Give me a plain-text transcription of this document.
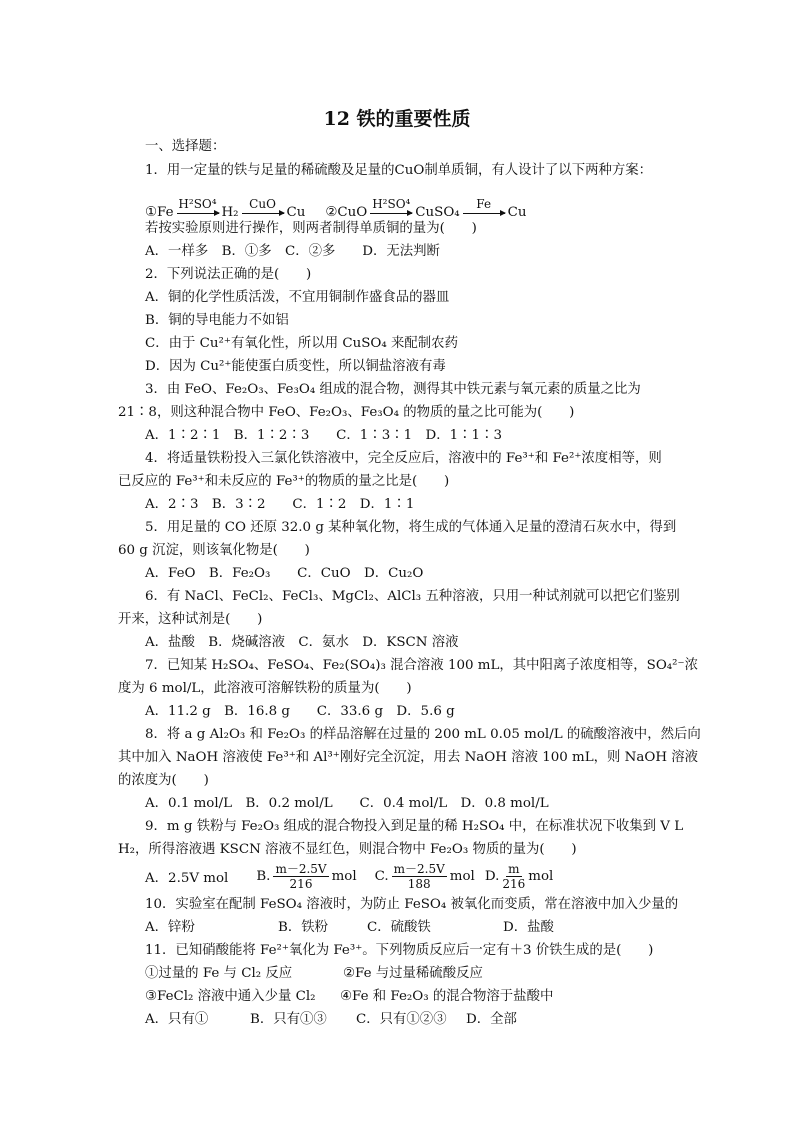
12 铁的重要性质
一、选择题：
1．用一定量的铁与足量的稀硫酸及足量的CuO制单质铜，有人设计了以下两种方案：
①Fe
H²SO⁴
H₂
CuO
Cu ②CuO
H²SO⁴
CuSO₄
Fe
Cu
若按实验原则进行操作，则两者制得单质铜的量为(　　)
A．一样多　B．①多　C．②多　　D．无法判断
2．下列说法正确的是(　　)
A．铜的化学性质活泼，不宜用铜制作盛食品的器皿
B．铜的导电能力不如铝
C．由于 Cu²⁺有氧化性，所以用 CuSO₄ 来配制农药
D．因为 Cu²⁺能使蛋白质变性，所以铜盐溶液有毒
3．由 FeO、Fe₂O₃、Fe₃O₄ 组成的混合物，测得其中铁元素与氧元素的质量之比为
21∶8，则这种混合物中 FeO、Fe₂O₃、Fe₃O₄ 的物质的量之比可能为(　　)
A．1∶2∶1　B．1∶2∶3　　C．1∶3∶1　D．1∶1∶3
4．将适量铁粉投入三氯化铁溶液中，完全反应后，溶液中的 Fe³⁺和 Fe²⁺浓度相等，则
已反应的 Fe³⁺和未反应的 Fe³⁺的物质的量之比是(　　)
A．2∶3　B．3∶2　　C．1∶2　D．1∶1
5．用足量的 CO 还原 32.0 g 某种氧化物，将生成的气体通入足量的澄清石灰水中，得到
60 g 沉淀，则该氧化物是(　　)
A．FeO　B．Fe₂O₃　　C．CuO　D．Cu₂O
6．有 NaCl、FeCl₂、FeCl₃、MgCl₂、AlCl₃ 五种溶液，只用一种试剂就可以把它们鉴别
开来，这种试剂是(　　)
A．盐酸　B．烧碱溶液　C．氨水　D．KSCN 溶液
7．已知某 H₂SO₄、FeSO₄、Fe₂(SO₄)₃ 混合溶液 100 mL，其中阳离子浓度相等，SO₄²⁻浓
度为 6 mol/L，此溶液可溶解铁粉的质量为(　　)
A．11.2 g　B．16.8 g　　C．33.6 g　D．5.6 g
8．将 a g Al₂O₃ 和 Fe₂O₃ 的样品溶解在过量的 200 mL 0.05 mol/L 的硫酸溶液中，然后向
其中加入 NaOH 溶液使 Fe³⁺和 Al³⁺刚好完全沉淀，用去 NaOH 溶液 100 mL，则 NaOH 溶液
的浓度为(　　)
A．0.1 mol/L　B．0.2 mol/L　　C．0.4 mol/L　D．0.8 mol/L
9．m g 铁粉与 Fe₂O₃ 组成的混合物投入到足量的稀 H₂SO₄ 中，在标准状况下收集到 V L
H₂，所得溶液遇 KSCN 溶液不显红色，则混合物中 Fe₂O₃ 物质的量为(　　)
A．2.5V mol B. $\frac{m-2.5V}{216}$ mol C. $\frac{m-2.5V}{188}$ mol D. $\frac{m}{216}$ mol
10．实验室在配制 FeSO₄ 溶液时，为防止 FeSO₄ 被氧化而变质，常在溶液中加入少量的
A．锌粉	B．铁粉	C．硫酸铁	D．盐酸
11．已知硝酸能将 Fe²⁺氧化为 Fe³⁺。下列物质反应后一定有＋3 价铁生成的是(　　)
①过量的 Fe 与 Cl₂ 反应	②Fe 与过量稀硫酸反应
③FeCl₂ 溶液中通入少量 Cl₂ ④Fe 和 Fe₂O₃ 的混合物溶于盐酸中
A．只有①	B．只有①③ C．只有①②③ D．全部
